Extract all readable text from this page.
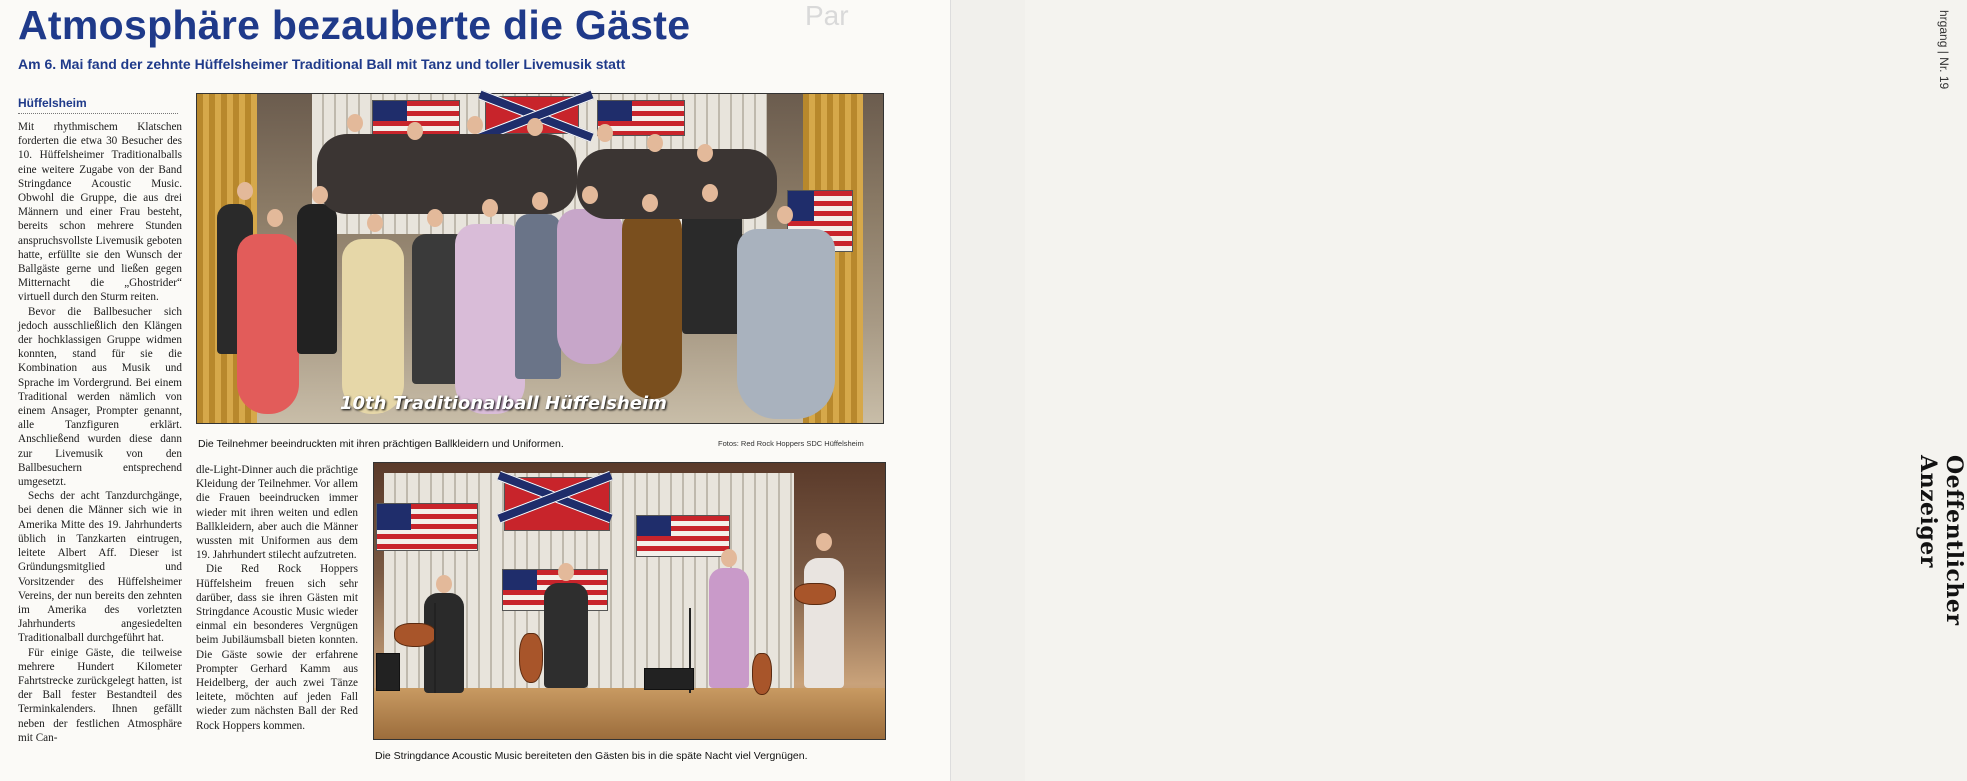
Atmosphäre bezauberte die Gäste	Par
Am 6. Mai fand der zehnte Hüffelsheimer Traditional Ball mit Tanz und toller Livemusik statt
Hüffelsheim

Mit rhythmischem Klatschen forderten die etwa 30 Besucher des 10. Hüffelsheimer Traditionalballs eine weitere Zugabe von der Band Stringdance Acoustic Music. Obwohl die Gruppe, die aus drei Männern und einer Frau besteht, bereits schon mehrere Stunden anspruchsvollste Livemusik geboten hatte, erfüllte sie den Wunsch der Ballgäste gerne und ließen gegen Mitternacht die „Ghostrider“ virtuell durch den Sturm reiten.

Bevor die Ballbesucher sich jedoch ausschließlich den Klängen der hochklassigen Gruppe widmen konnten, stand für sie die Kombination aus Musik und Sprache im Vordergrund. Bei einem Traditional werden nämlich von einem Ansager, Prompter genannt, alle Tanzfiguren erklärt. Anschließend wurden diese dann zur Livemusik von den Ballbesuchern entsprechend umgesetzt.

Sechs der acht Tanzdurchgänge, bei denen die Männer sich wie in Amerika Mitte des 19. Jahrhunderts üblich in Tanzkarten eintrugen, leitete Albert Aff. Dieser ist Gründungsmitglied und Vorsitzender des Hüffelsheimer Vereins, der nun bereits den zehnten im Amerika des vorletzten Jahrhunderts angesiedelten Traditionalball durchgeführt hat.

Für einige Gäste, die teilweise mehrere Hundert Kilometer Fahrtstrecke zurückgelegt hatten, ist der Ball fester Bestandteil des Terminkalenders. Ihnen gefällt neben der festlichen Atmosphäre mit Can-

10th Traditionalball Hüffelsheim
Die Teilnehmer beeindruckten mit ihren prächtigen Ballkleidern und Uniformen.	Fotos: Red Rock Hoppers SDC Hüffelsheim

dle-Light-Dinner auch die prächtige Kleidung der Teilnehmer. Vor allem die Frauen beeindrucken immer wieder mit ihren weiten und edlen Ballkleidern, aber auch die Männer wussten mit Uniformen aus dem 19. Jahrhundert stilecht aufzutreten.

Die Red Rock Hoppers Hüffelsheim freuen sich sehr darüber, dass sie ihren Gästen mit Stringdance Acoustic Music wieder einmal ein besonderes Vergnügen beim Jubiläumsball bieten konnten. Die Gäste sowie der erfahrene Prompter Gerhard Kamm aus Heidelberg, der auch zwei Tänze leitete, möchten auf jeden Fall wieder zum nächsten Ball der Red Rock Hoppers kommen.

Die Stringdance Acoustic Music bereiteten den Gästen bis in die späte Nacht viel Vergnügen.
hrgang | Nr. 19
Oeffentlicher Anzeiger
